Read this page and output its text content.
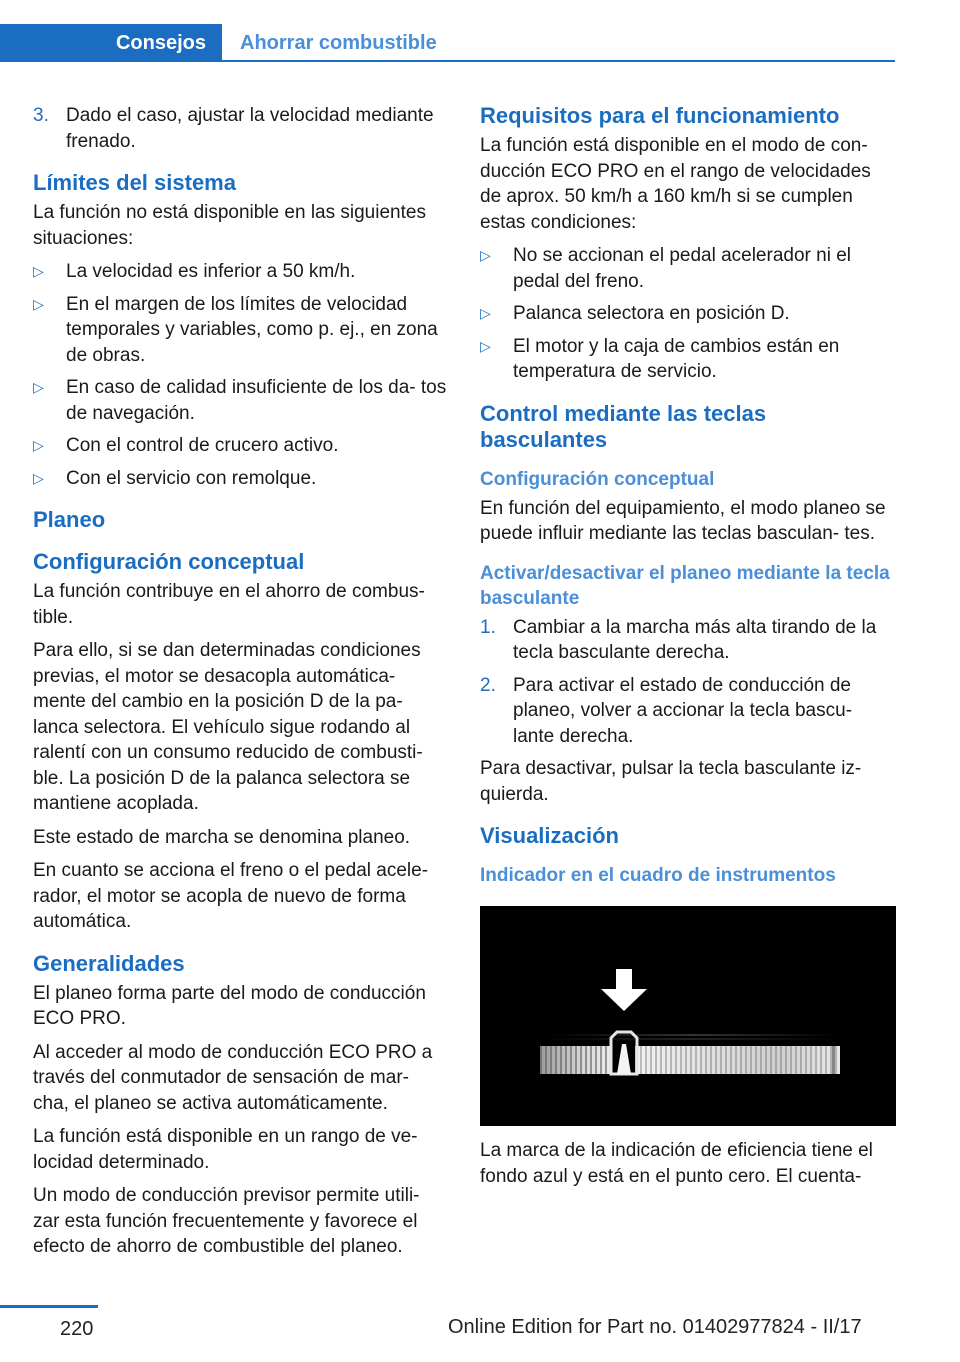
Consejos	Ahorrar combustible
3. Dado el caso, ajustar la velocidad mediante frenado.
Límites del sistema

La función no está disponible en las siguientes situaciones:

▷	La velocidad es inferior a 50 km/h.
▷	En el margen de los límites de velocidad temporales y variables, como p. ej., en zona de obras.
▷	En caso de calidad insuficiente de los da‐ tos de navegación.
▷	Con el control de crucero activo.
▷	Con el servicio con remolque.
Planeo
Configuración conceptual

La función contribuye en el ahorro de combus‐ tible.

Para ello, si se dan determinadas condiciones previas, el motor se desacopla automática‐ mente del cambio en la posición D de la pa‐ lanca selectora. El vehículo sigue rodando al ralentí con un consumo reducido de combusti‐ ble. La posición D de la palanca selectora se mantiene acoplada.

Este estado de marcha se denomina planeo.

En cuanto se acciona el freno o el pedal acele‐ rador, el motor se acopla de nuevo de forma automática.

Generalidades

El planeo forma parte del modo de conducción ECO PRO.

Al acceder al modo de conducción ECO PRO a través del conmutador de sensación de mar‐ cha, el planeo se activa automáticamente.

La función está disponible en un rango de ve‐ locidad determinado.

Un modo de conducción previsor permite utili‐ zar esta función frecuentemente y favorece el efecto de ahorro de combustible del planeo.

Requisitos para el funcionamiento

La función está disponible en el modo de con‐ ducción ECO PRO en el rango de velocidades de aprox. 50 km/h a 160 km/h si se cumplen estas condiciones:

▷	No se accionan el pedal acelerador ni el pedal del freno.
▷	Palanca selectora en posición D.
▷	El motor y la caja de cambios están en temperatura de servicio.
Control mediante las teclas basculantes
Configuración conceptual

En función del equipamiento, el modo planeo se puede influir mediante las teclas basculan‐ tes.

Activar/desactivar el planeo mediante la tecla basculante
1. Cambiar a la marcha más alta tirando de la tecla basculante derecha.
2. Para activar el estado de conducción de planeo, volver a accionar la tecla bascu‐ lante derecha.

Para desactivar, pulsar la tecla basculante iz‐ quierda.

Visualización
Indicador en el cuadro de instrumentos

La marca de la indicación de eficiencia tiene el fondo azul y está en el punto cero. El cuenta‐

220	Online Edition for Part no. 01402977824 - II/17
